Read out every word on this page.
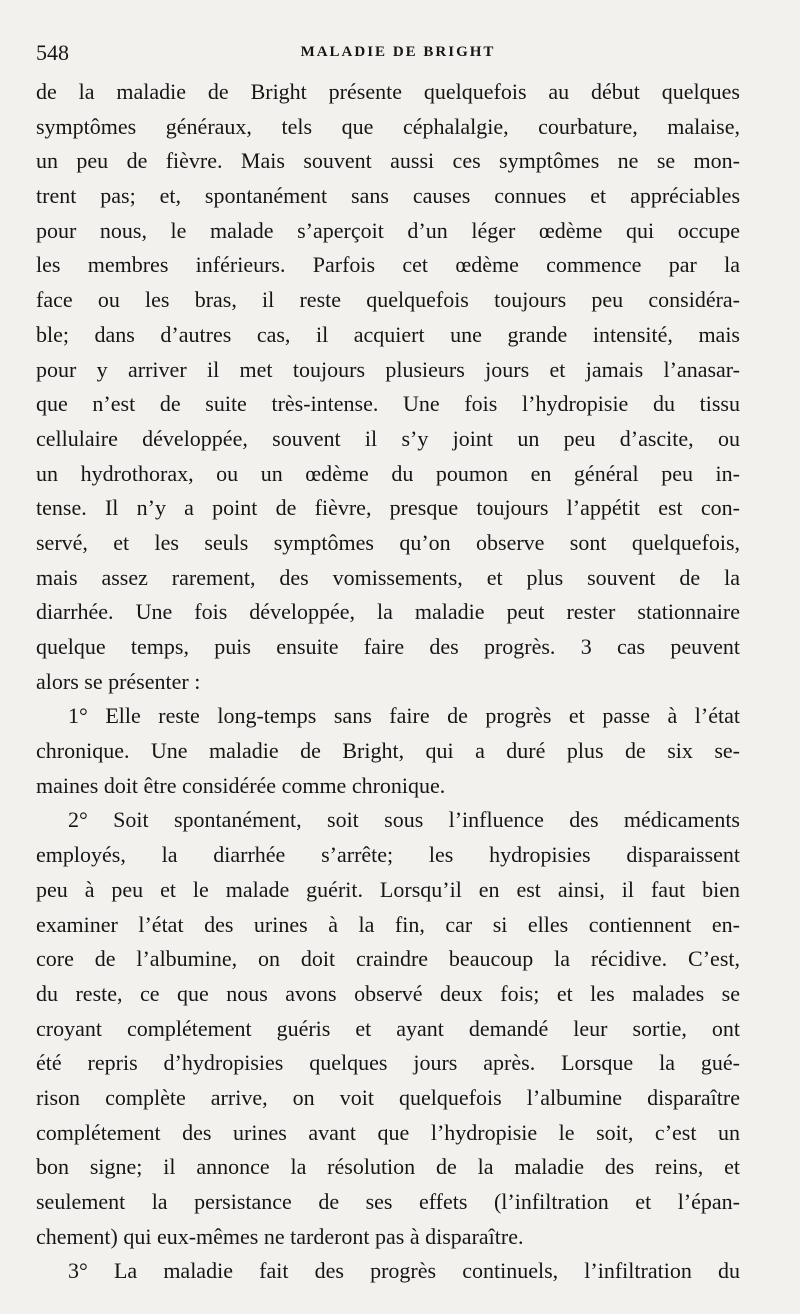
548	MALADIE DE BRIGHT
de la maladie de Bright présente quelquefois au début quelques
symptômes généraux, tels que céphalalgie, courbature, malaise,
un peu de fièvre. Mais souvent aussi ces symptômes ne se mon-
trent pas; et, spontanément sans causes connues et appréciables
pour nous, le malade s’aperçoit d’un léger œdème qui occupe
les membres inférieurs. Parfois cet œdème commence par la
face ou les bras, il reste quelquefois toujours peu considéra-
ble; dans d’autres cas, il acquiert une grande intensité, mais
pour y arriver il met toujours plusieurs jours et jamais l’anasar-
que n’est de suite très-intense. Une fois l’hydropisie du tissu
cellulaire développée, souvent il s’y joint un peu d’ascite, ou
un hydrothorax, ou un œdème du poumon en général peu in-
tense. Il n’y a point de fièvre, presque toujours l’appétit est con-
servé, et les seuls symptômes qu’on observe sont quelquefois,
mais assez rarement, des vomissements, et plus souvent de la
diarrhée. Une fois développée, la maladie peut rester stationnaire
quelque temps, puis ensuite faire des progrès. 3 cas peuvent
alors se présenter :
1° Elle reste long-temps sans faire de progrès et passe à l’état
chronique. Une maladie de Bright, qui a duré plus de six se-
maines doit être considérée comme chronique.
2° Soit spontanément, soit sous l’influence des médicaments
employés, la diarrhée s’arrête; les hydropisies disparaissent
peu à peu et le malade guérit. Lorsqu’il en est ainsi, il faut bien
examiner l’état des urines à la fin, car si elles contiennent en-
core de l’albumine, on doit craindre beaucoup la récidive. C’est,
du reste, ce que nous avons observé deux fois; et les malades se
croyant complétement guéris et ayant demandé leur sortie, ont
été repris d’hydropisies quelques jours après. Lorsque la gué-
rison complète arrive, on voit quelquefois l’albumine disparaître
complétement des urines avant que l’hydropisie le soit, c’est un
bon signe; il annonce la résolution de la maladie des reins, et
seulement la persistance de ses effets (l’infiltration et l’épan-
chement) qui eux-mêmes ne tarderont pas à disparaître.
3° La maladie fait des progrès continuels, l’infiltration du
